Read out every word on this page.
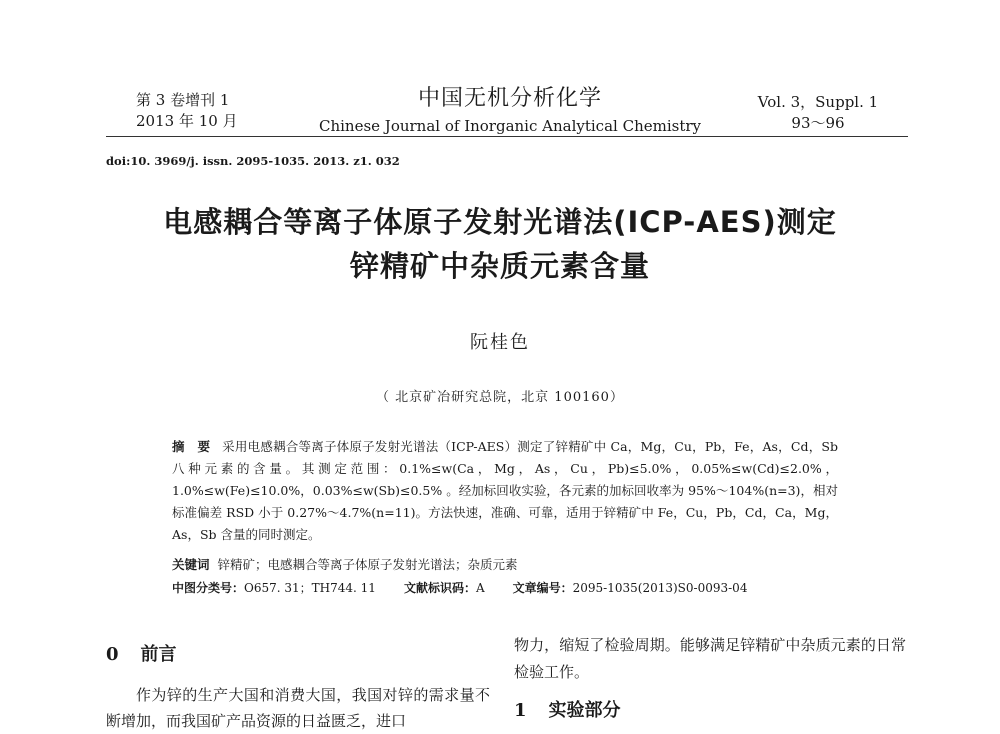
第 3 卷增刊 1
2013 年 10 月
中国无机分析化学
Chinese Journal of Inorganic Analytical Chemistry
Vol. 3，Suppl. 1
93～96
doi:10. 3969/j. issn. 2095-1035. 2013. z1. 032
电感耦合等离子体原子发射光谱法(ICP-AES)测定
锌精矿中杂质元素含量
阮桂色
（ 北京矿冶研究总院，北京 100160）
摘　要 采用电感耦合等离子体原子发射光谱法（ICP-AES）测定了锌精矿中 Ca，Mg，Cu，Pb，Fe，As，Cd，Sb 八种元素的含量。其测定范围：0.1%≤w(Ca，Mg，As，Cu，Pb)≤5.0%，0.05%≤w(Cd)≤2.0%，1.0%≤w(Fe)≤10.0%，0.03%≤w(Sb)≤0.5% 。经加标回收实验，各元素的加标回收率为 95%～104%(n=3)，相对标准偏差 RSD 小于 0.27%～4.7%(n=11)。方法快速，准确、可靠，适用于锌精矿中 Fe，Cu，Pb，Cd，Ca，Mg，As，Sb 含量的同时测定。
关键词 锌精矿；电感耦合等离子体原子发射光谱法；杂质元素
中图分类号：O657. 31；TH744. 11 文献标识码：A 文章编号：2095-1035(2013)S0-0093-04
0 前言
作为锌的生产大国和消费大国，我国对锌的需求量不断增加，而我国矿产品资源的日益匮乏，进口
物力，缩短了检验周期。能够满足锌精矿中杂质元素的日常检验工作。
1 实验部分
